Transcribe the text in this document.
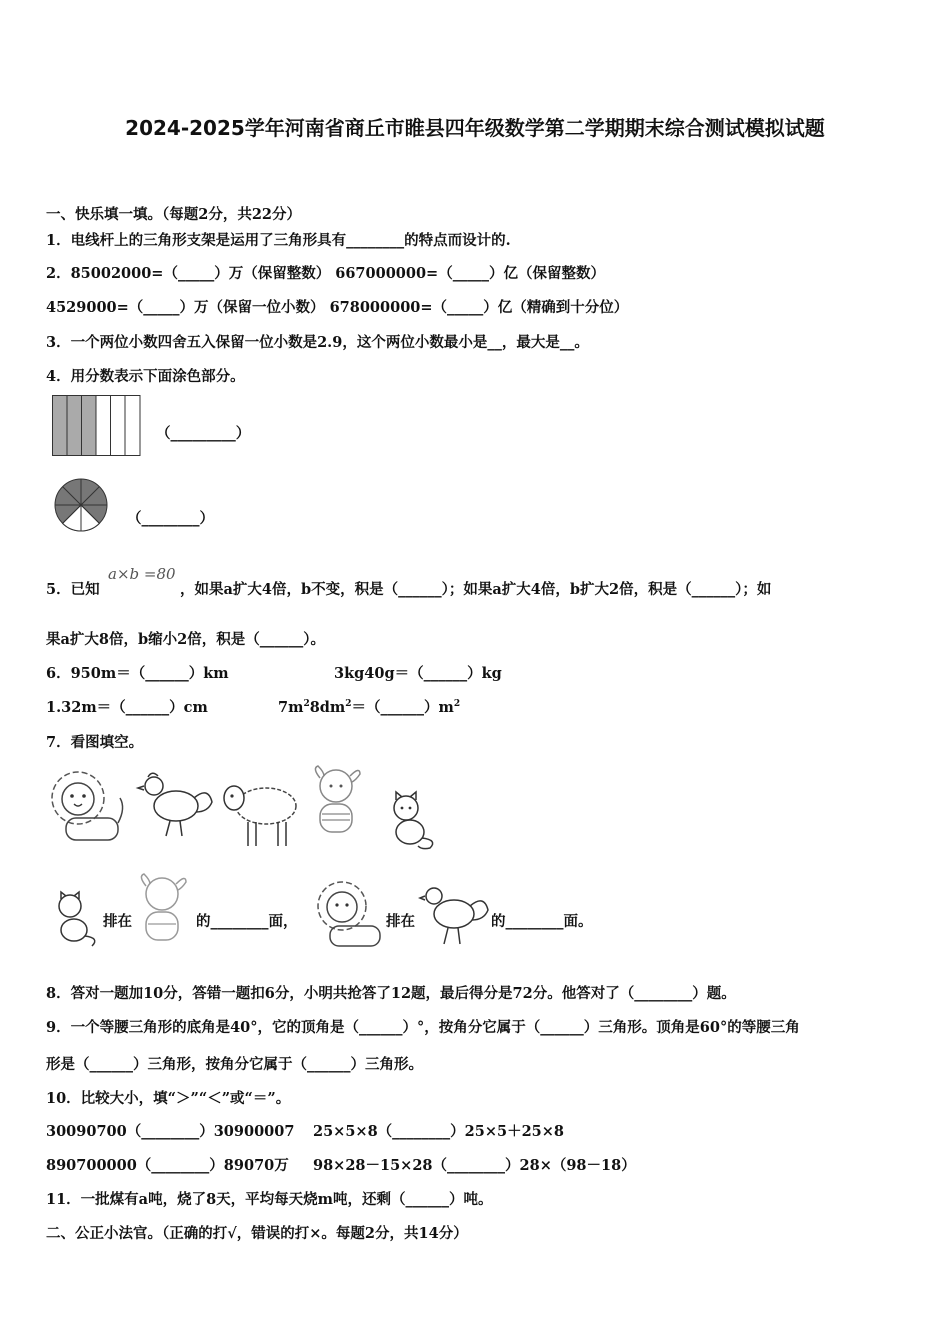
2024-2025学年河南省商丘市睢县四年级数学第二学期期末综合测试模拟试题
一、快乐填一填。（每题2分，共22分）
1．电线杆上的三角形支架是运用了三角形具有________的特点而设计的.
2．85002000=（_____）万（保留整数） 667000000=（_____）亿（保留整数）
4529000=（_____）万（保留一位小数） 678000000=（_____）亿（精确到十分位）
3．一个两位小数四舍五入保留一位小数是2.9，这个两位小数最小是__，最大是__。
4．用分数表示下面涂色部分。
（_________）
（________）
a×b =80
5．已知	，如果a扩大4倍，b不变，积是（______）；如果a扩大4倍，b扩大2倍，积是（______）；如
果a扩大8倍，b缩小2倍，积是（______）。
6．950m＝（______）km	3kg40g＝（______）kg
1.32m＝（______）cm	$7m^28dm^2=(\_\_\_\_\_\_)m^2$
7．看图填空。
排在	的________面，	排在	的________面。
8．答对一题加10分，答错一题扣6分，小明共抢答了12题，最后得分是72分。他答对了（________）题。
9．一个等腰三角形的底角是40°，它的顶角是（______）°，按角分它属于（______）三角形。顶角是60°的等腰三角
形是（______）三角形，按角分它属于（______）三角形。
10．比较大小，填“＞”“＜”或“＝”。
30090700（________）30900007 25×5×8（________）25×5＋25×8
890700000（________）89070万 98×28－15×28（________）28×（98－18）
11．一批煤有a吨，烧了8天，平均每天烧m吨，还剩（______）吨。
二、公正小法官。（正确的打√，错误的打×。每题2分，共14分）
